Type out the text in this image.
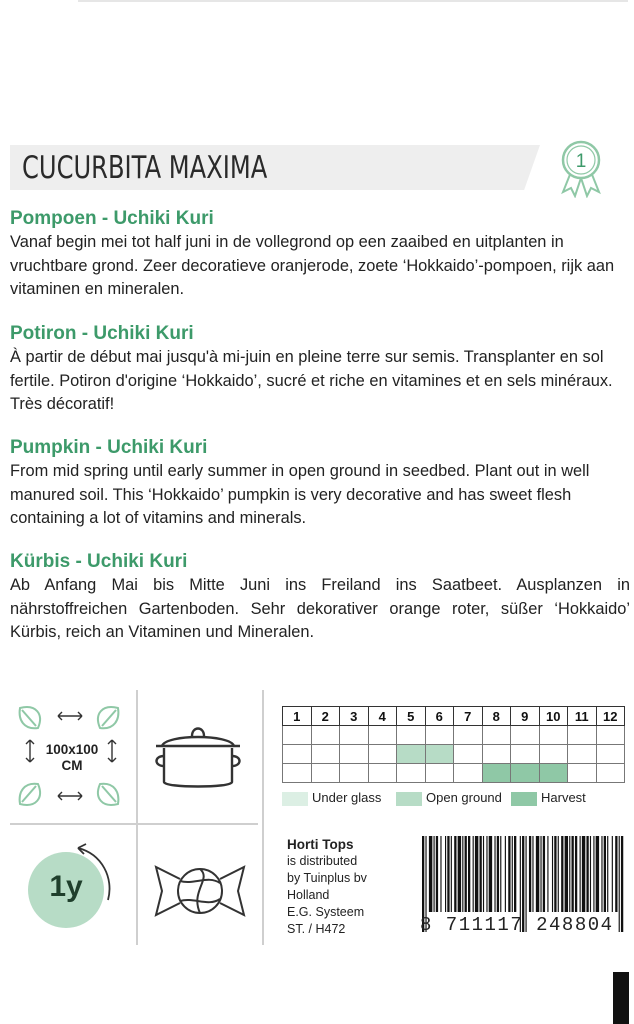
CUCURBITA MAXIMA	1
Pompoen - Uchiki Kuri

Vanaf begin mei tot half juni in de vollegrond op een zaaibed en uitplanten in vruchtbare grond. Zeer decoratieve oranjerode, zoete ‘Hokkaido’-pompoen, rijk aan vitaminen en mineralen.

Potiron - Uchiki Kuri

À partir de début mai jusqu'à mi-juin en pleine terre sur semis. Transplanter en sol fertile. Potiron d'origine ‘Hokkaido’, sucré et riche en vitamines et en sels minéraux. Très décoratif!

Pumpkin - Uchiki Kuri

From mid spring until early summer in open ground in seedbed. Plant out in well manured soil. This ‘Hokkaido’ pumpkin is very decorative and has sweet flesh containing a lot of vitamins and minerals.

Kürbis - Uchiki Kuri

Ab Anfang Mai bis Mitte Juni ins Freiland ins Saatbeet. Ausplanzen in nährstoffreichen Gartenboden. Sehr dekorativer orange roter, süßer ‘Hokkaido’ Kürbis, reich an Vitaminen und Mineralen.

100x100
CM
1y
1	2	3	4	5	6	7	8	9	10	11	12

Under glass	Open ground	Harvest
Horti Tops
is distributed
by Tuinplus bv
Holland
E.G. Systeem
ST. / H472	8 711117 248804
